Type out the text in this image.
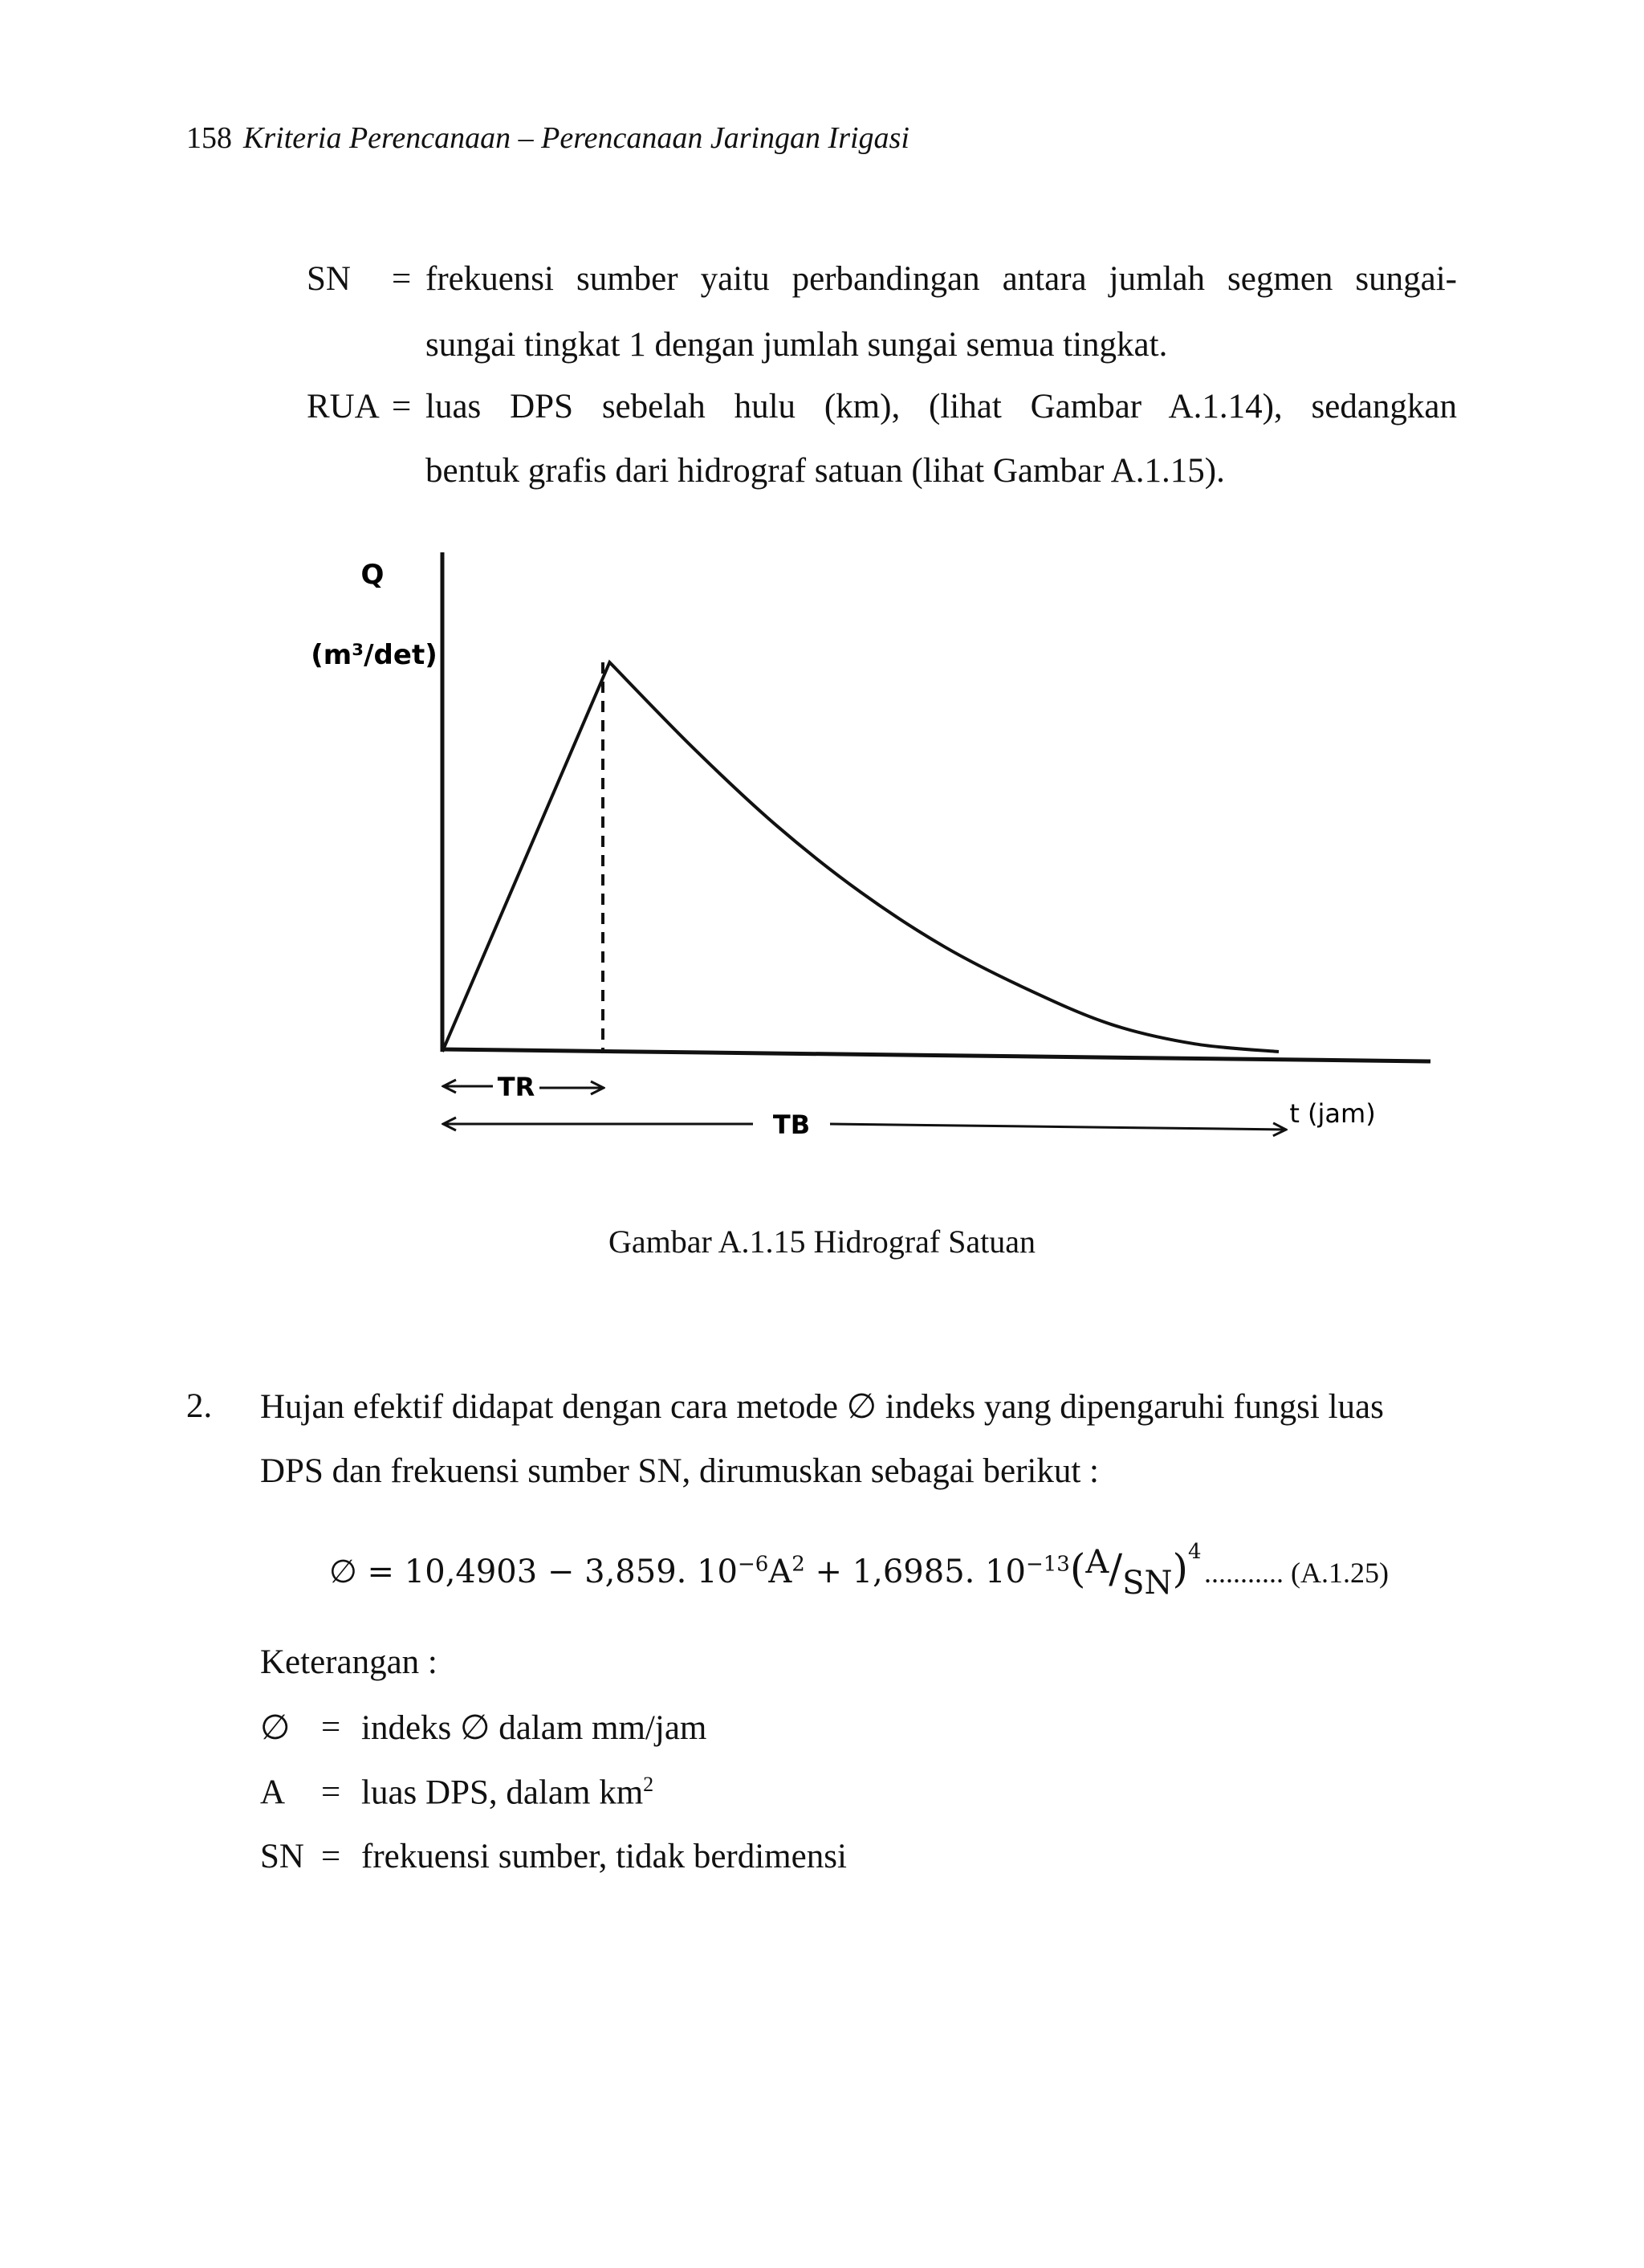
158 Kriteria Perencanaan – Perencanaan Jaringan Irigasi
SN = frekuensi sumber yaitu perbandingan antara jumlah segmen sungai-
sungai tingkat 1 dengan jumlah sungai semua tingkat.
RUA = luas DPS sebelah hulu (km), (lihat Gambar A.1.14), sedangkan
bentuk grafis dari hidrograf satuan (lihat Gambar A.1.15).
Q
(m³/det)
TR
TB	t (jam)
Gambar A.1.15 Hidrograf Satuan
2. Hujan efektif didapat dengan cara metode ∅ indeks yang dipengaruhi fungsi luas
DPS dan frekuensi sumber SN, dirumuskan sebagai berikut :
∅ = 10,4903 − 3,859. $10^{-6}A^2 + 1,6985$. $10^{-13}(A/SN)^4$
........... (A.1.25)
Keterangan :
∅ = indeks ∅ dalam mm/jam
A = luas DPS, dalam $km^2$
SN = frekuensi sumber, tidak berdimensi
